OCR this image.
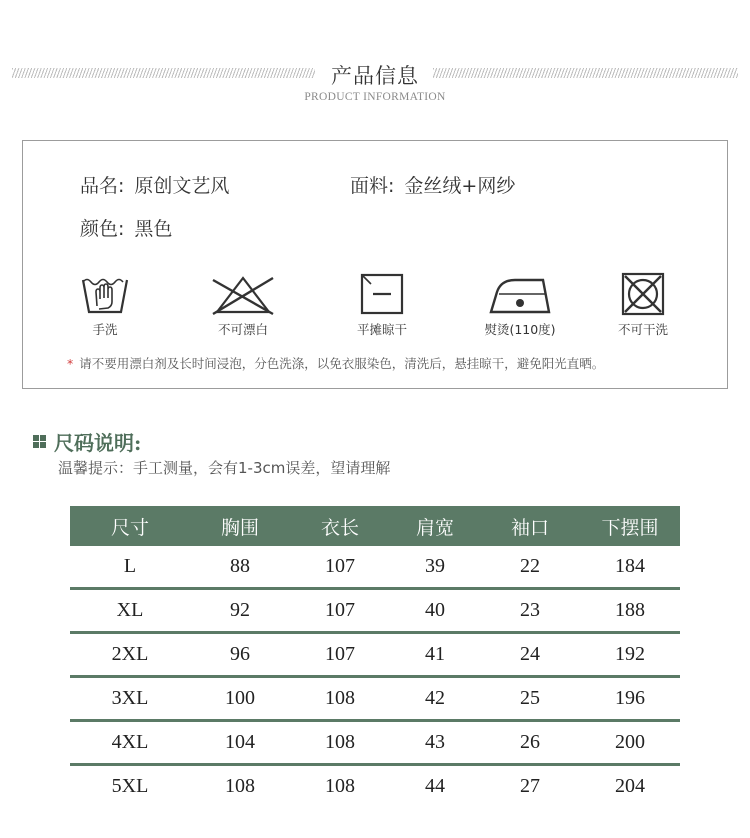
产品信息
PRODUCT INFORMATION
品名: 原创文艺风	面料: 金丝绒+网纱
颜色: 黑色
手洗	不可漂白	平摊晾干	熨烫(110度)	不可干洗
* 请不要用漂白剂及长时间浸泡，分色洗涤，以免衣服染色，清洗后，悬挂晾干，避免阳光直晒。
尺码说明:
温馨提示：手工测量，会有1-3cm误差，望请理解
尺寸	胸围	衣长	肩宽	袖口	下摆围
L	88	107	39	22	184
XL	92	107	40	23	188
2XL	96	107	41	24	192
3XL	100	108	42	25	196
4XL	104	108	43	26	200
5XL	108	108	44	27	204
